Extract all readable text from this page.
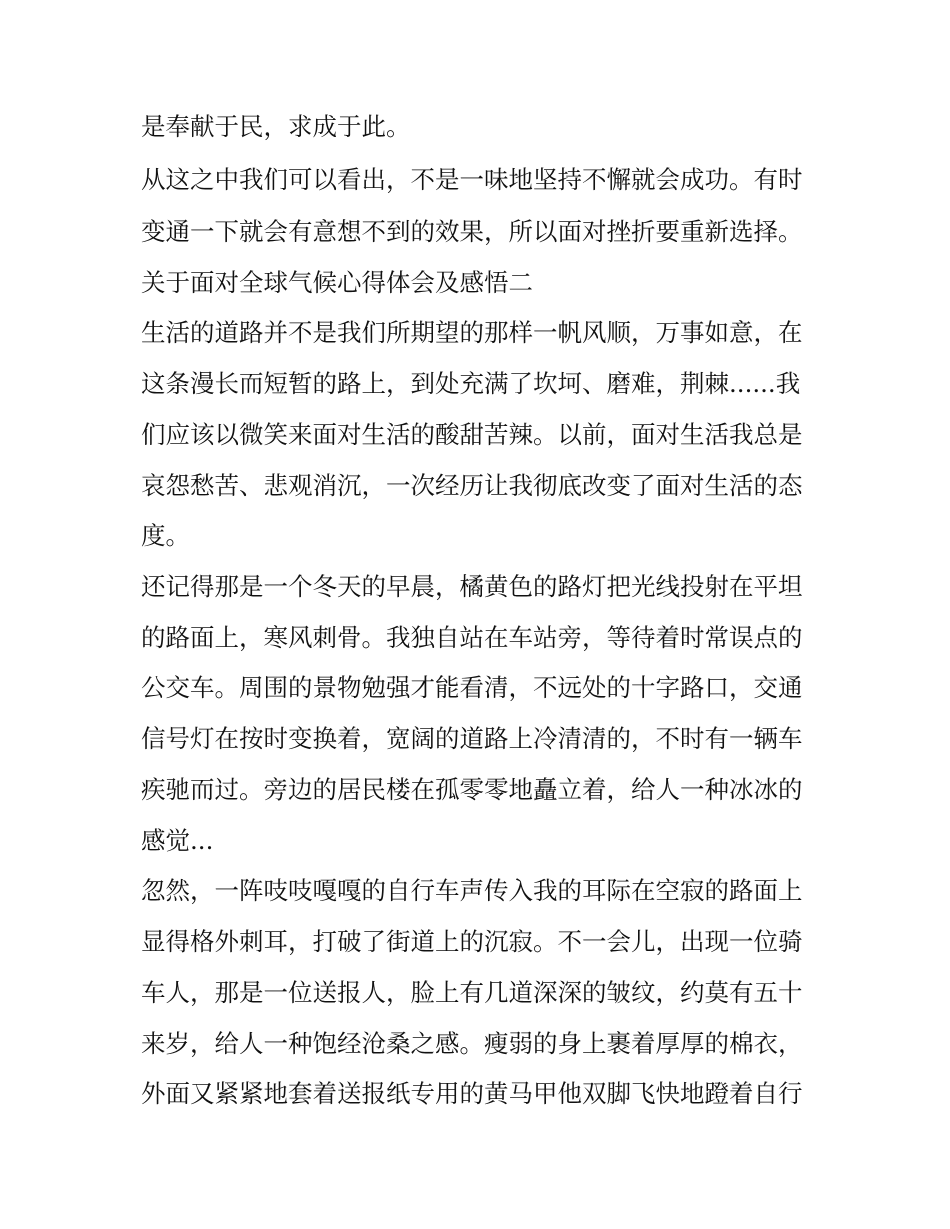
是奉献于民，求成于此。
从这之中我们可以看出，不是一味地坚持不懈就会成功。有时
变通一下就会有意想不到的效果，所以面对挫折要重新选择。
关于面对全球气候心得体会及感悟二
生活的道路并不是我们所期望的那样一帆风顺，万事如意，在
这条漫长而短暂的路上，到处充满了坎坷、磨难，荆棘......我
们应该以微笑来面对生活的酸甜苦辣。以前，面对生活我总是
哀怨愁苦、悲观消沉，一次经历让我彻底改变了面对生活的态
度。
还记得那是一个冬天的早晨，橘黄色的路灯把光线投射在平坦
的路面上，寒风刺骨。我独自站在车站旁，等待着时常误点的
公交车。周围的景物勉强才能看清，不远处的十字路口，交通
信号灯在按时变换着，宽阔的道路上冷清清的，不时有一辆车
疾驰而过。旁边的居民楼在孤零零地矗立着，给人一种冰冰的
感觉...
忽然，一阵吱吱嘎嘎的自行车声传入我的耳际在空寂的路面上
显得格外刺耳，打破了街道上的沉寂。不一会儿，出现一位骑
车人，那是一位送报人，脸上有几道深深的皱纹，约莫有五十
来岁，给人一种饱经沧桑之感。瘦弱的身上裹着厚厚的棉衣，
外面又紧紧地套着送报纸专用的黄马甲他双脚飞快地蹬着自行
